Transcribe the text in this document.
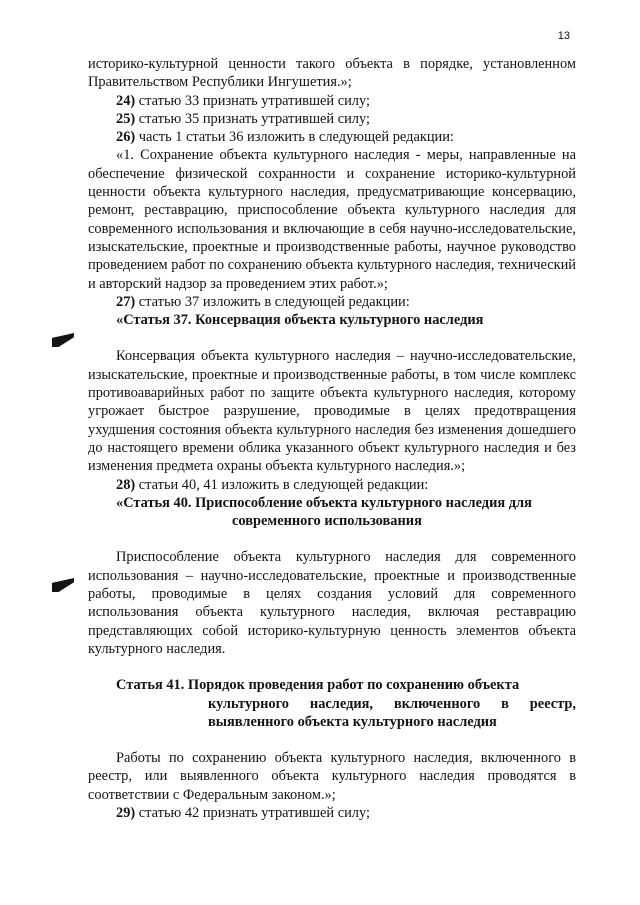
13

историко-культурной ценности такого объекта в порядке, установленном Правительством Республики Ингушетия.»;

24) статью 33 признать утратившей силу;

25) статью 35 признать утратившей силу;

26) часть 1 статьи 36 изложить в следующей редакции:

«1. Сохранение объекта культурного наследия - меры, направленные на обеспечение физической сохранности и сохранение историко-культурной ценности объекта культурного наследия, предусматривающие консервацию, ремонт, реставрацию, приспособление объекта культурного наследия для современного использования и включающие в себя научно-исследовательские, изыскательские, проектные и производственные работы, научное руководство проведением работ по сохранению объекта культурного наследия, технический и авторский надзор за проведением этих работ.»;

27) статью 37 изложить в следующей редакции:

«Статья 37. Консервация объекта культурного наследия

Консервация объекта культурного наследия – научно-исследовательские, изыскательские, проектные и производственные работы, в том числе комплекс противоаварийных работ по защите объекта культурного наследия, которому угрожает быстрое разрушение, проводимые в целях предотвращения ухудшения состояния объекта культурного наследия без изменения дошедшего до настоящего времени облика указанного объект культурного наследия и без изменения предмета охраны объекта культурного наследия.»;

28) статьи 40, 41 изложить в следующей редакции:

«Статья 40. Приспособление объекта культурного наследия для
современного использования

Приспособление объекта культурного наследия для современного использования – научно-исследовательские, проектные и производственные работы, проводимые в целях создания условий для современного использования объекта культурного наследия, включая реставрацию представляющих собой историко-культурную ценность элементов объекта культурного наследия.

Статья 41. Порядок проведения работ по сохранению объекта
культурного наследия, включенного в реестр, выявленного объекта культурного наследия

Работы по сохранению объекта культурного наследия, включенного в реестр, или выявленного объекта культурного наследия проводятся в соответствии с Федеральным законом.»;

29) статью 42 признать утратившей силу;
